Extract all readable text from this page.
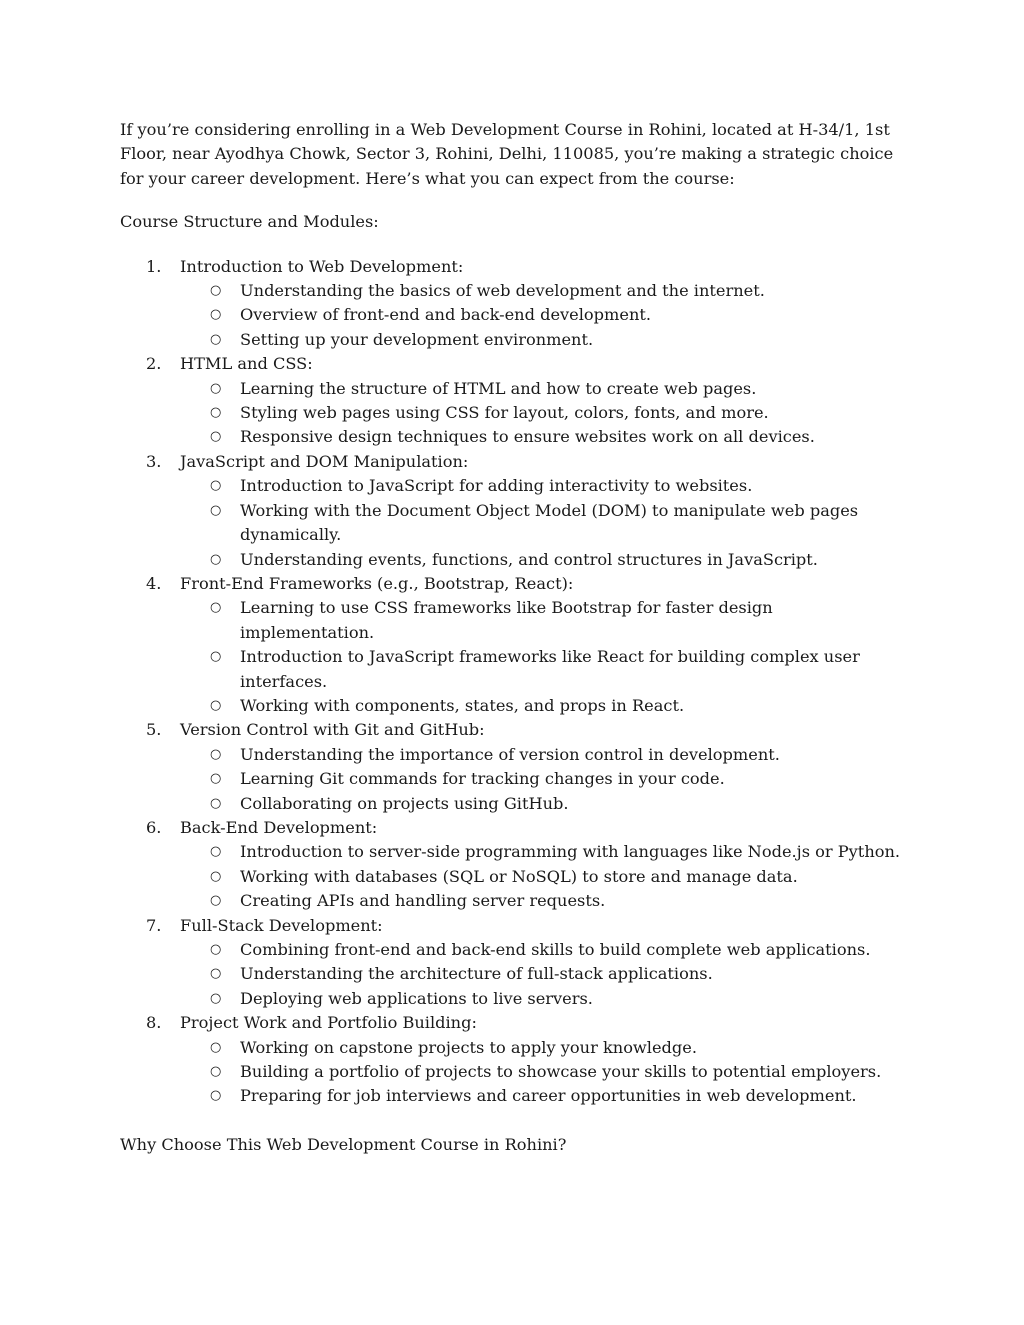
If you’re considering enrolling in a Web Development Course in Rohini, located at H-34/1, 1st Floor, near Ayodhya Chowk, Sector 3, Rohini, Delhi, 110085, you’re making a strategic choice for your career development. Here’s what you can expect from the course:

Course Structure and Modules:

1.	Introduction to Web Development:
○ Understanding the basics of web development and the internet.
○ Overview of front-end and back-end development.
○ Setting up your development environment.
2.	HTML and CSS:
○ Learning the structure of HTML and how to create web pages.
○ Styling web pages using CSS for layout, colors, fonts, and more.
○ Responsive design techniques to ensure websites work on all devices.
3.	JavaScript and DOM Manipulation:
○ Introduction to JavaScript for adding interactivity to websites.
○ Working with the Document Object Model (DOM) to manipulate web pages dynamically.
○ Understanding events, functions, and control structures in JavaScript.
4.	Front-End Frameworks (e.g., Bootstrap, React):
○ Learning to use CSS frameworks like Bootstrap for faster design implementation.
○ Introduction to JavaScript frameworks like React for building complex user interfaces.
○ Working with components, states, and props in React.
5.	Version Control with Git and GitHub:
○ Understanding the importance of version control in development.
○ Learning Git commands for tracking changes in your code.
○ Collaborating on projects using GitHub.
6.	Back-End Development:
○ Introduction to server-side programming with languages like Node.js or Python.
○ Working with databases (SQL or NoSQL) to store and manage data.
○ Creating APIs and handling server requests.
7.	Full-Stack Development:
○ Combining front-end and back-end skills to build complete web applications.
○ Understanding the architecture of full-stack applications.
○ Deploying web applications to live servers.
8.	Project Work and Portfolio Building:
○ Working on capstone projects to apply your knowledge.
○ Building a portfolio of projects to showcase your skills to potential employers.
○ Preparing for job interviews and career opportunities in web development.

Why Choose This Web Development Course in Rohini?
